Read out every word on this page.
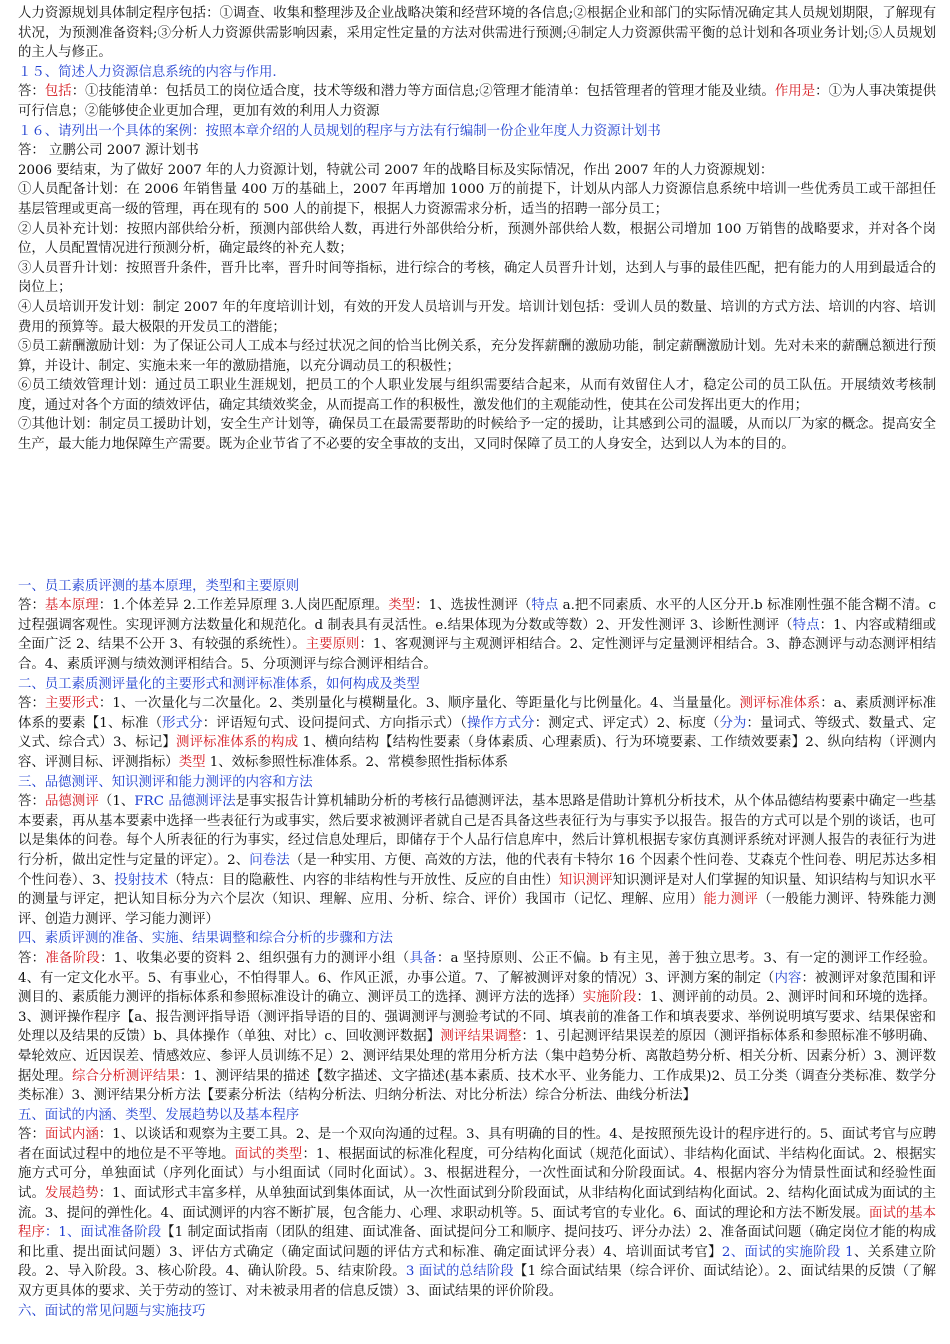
人力资源规划具体制定程序包括：①调查、收集和整理涉及企业战略决策和经营环境的各信息;②根据企业和部门的实际情况确定其人员规划期限，了解现有状况，为预测准备资料;③分析人力资源供需影响因素，采用定性定量的方法对供需进行预测;④制定人力资源供需平衡的总计划和各项业务计划;⑤人员规划的主人与修正。

１５、简述人力资源信息系统的内容与作用.

答：包括：①技能清单：包括员工的岗位适合度，技术等级和潜力等方面信息;②管理才能清单：包括管理者的管理才能及业绩。作用是：①为人事决策提供可行信息；②能够使企业更加合理，更加有效的利用人力资源

１６、请列出一个具体的案例：按照本章介绍的人员规划的程序与方法有行编制一份企业年度人力资源计划书

答： 立鹏公司 2007 源计划书

2006 要结束，为了做好 2007 年的人力资源计划，特就公司 2007 年的战略目标及实际情况，作出 2007 年的人力资源规划：

①人员配备计划：在 2006 年销售量 400 万的基础上，2007 年再增加 1000 万的前提下，计划从内部人力资源信息系统中培训一些优秀员工或干部担任基层管理或更高一级的管理，再在现有的 500 人的前提下，根据人力资源需求分析，适当的招聘一部分员工；

②人员补充计划：按照内部供给分析，预测内部供给人数，再进行外部供给分析，预测外部供给人数，根据公司增加 100 万销售的战略要求，并对各个岗位，人员配置情况进行预测分析，确定最终的补充人数；

③人员晋升计划：按照晋升条件，晋升比率，晋升时间等指标，进行综合的考核，确定人员晋升计划，达到人与事的最佳匹配，把有能力的人用到最适合的岗位上；

④人员培训开发计划：制定 2007 年的年度培训计划，有效的开发人员培训与开发。培训计划包括：受训人员的数量、培训的方式方法、培训的内容、培训费用的预算等。最大极限的开发员工的潜能；

⑤员工薪酬激励计划：为了保证公司人工成本与经过状况之间的恰当比例关系，充分发挥薪酬的激励功能，制定薪酬激励计划。先对未来的薪酬总额进行预算，并设计、制定、实施未来一年的激励措施，以充分调动员工的积极性；

⑥员工绩效管理计划：通过员工职业生涯规划，把员工的个人职业发展与组织需要结合起来，从而有效留住人才，稳定公司的员工队伍。开展绩效考核制度，通过对各个方面的绩效评估，确定其绩效奖金，从而提高工作的积极性，激发他们的主观能动性，使其在公司发挥出更大的作用；

⑦其他计划：制定员工援助计划，安全生产计划等，确保员工在最需要帮助的时候给予一定的援助，让其感到公司的温暖，从而以厂为家的概念。提高安全生产，最大能力地保障生产需要。既为企业节省了不必要的安全事故的支出，又同时保障了员工的人身安全，达到以人为本的目的。

一、员工素质评测的基本原理，类型和主要原则

答：基本原理：1.个体差异 2.工作差异原理 3.人岗匹配原理。类型：1、选拔性测评（特点 a.把不同素质、水平的人区分开.b 标准刚性强不能含糊不清。c 过程强调客观性。实现评测方法数量化和规范化。d 制表具有灵活性。e.结果体现为分数或等数）2、开发性测评 3、诊断性测评（特点：1、内容或精细或全面广泛 2、结果不公开 3、有较强的系统性）。主要原则：1、客观测评与主观测评相结合。2、定性测评与定量测评相结合。3、静态测评与动态测评相结合。4、素质评测与绩效测评相结合。5、分项测评与综合测评相结合。

二、员工素质测评量化的主要形式和测评标准体系，如何构成及类型

答：主要形式：1、一次量化与二次量化。2、类别量化与模糊量化。3、顺序量化、等距量化与比例量化。4、当量量化。测评标准体系：a、素质测评标准体系的要素【1、标准（形式分：评语短句式、设问提问式、方向指示式）（操作方式分：测定式、评定式）2、标度（分为：量词式、等级式、数量式、定义式、综合式）3、标记】测评标准体系的构成 1、横向结构【结构性要素（身体素质、心理素质)、行为环境要素、工作绩效要素】2、纵向结构（评测内容、评测目标、评测指标）类型 1、效标参照性标准体系。2、常模参照性指标体系

三、品德测评、知识测评和能力测评的内容和方法

答：品德测评（1、FRC 品德测评法是事实报告计算机辅助分析的考核行品德测评法，基本思路是借助计算机分析技术，从个体品德结构要素中确定一些基本要素，再从基本要素中选择一些表征行为或事实，然后要求被测评者就自己是否具备这些表征行为与事实予以报告。报告的方式可以是个别的谈话，也可以是集体的问卷。每个人所表征的行为事实，经过信息处理后，即储存于个人品行信息库中，然后计算机根据专家仿真测评系统对评测人报告的表征行为进行分析，做出定性与定量的评定）。2、问卷法（是一种实用、方便、高效的方法，他的代表有卡特尔 16 个因素个性问卷、艾森克个性问卷、明尼苏达多相个性问卷）、3、投射技术（特点：目的隐蔽性、内容的非结构性与开放性、反应的自由性）知识测评知识测评是对人们掌握的知识量、知识结构与知识水平的测量与评定，把认知目标分为六个层次（知识、理解、应用、分析、综合、评价）我国市（记忆、理解、应用）能力测评（一般能力测评、特殊能力测评、创造力测评、学习能力测评）

四、素质评测的准备、实施、结果调整和综合分析的步骤和方法

答：准备阶段：1、收集必要的资料 2、组织强有力的测评小组（具备：a 坚持原则、公正不偏。b 有主见，善于独立思考。3、有一定的测评工作经验。4、有一定文化水平。5、有事业心，不怕得罪人。6、作风正派，办事公道。7、了解被测评对象的情况）3、评测方案的制定（内容：被测评对象范围和评测目的、素质能力测评的指标体系和参照标准设计的确立、测评员工的选择、测评方法的选择）实施阶段：1、测评前的动员。2、测评时间和环境的选择。3、测评操作程序【a、报告测评指导语（测评指导语的目的、强调测评与测验考试的不同、填表前的准备工作和填表要求、举例说明填写要求、结果保密和处理以及结果的反馈）b、具体操作（单独、对比）c、回收测评数据】测评结果调整：1、引起测评结果误差的原因（测评指标体系和参照标准不够明确、晕轮效应、近因误差、情感效应、参评人员训练不足）2、测评结果处理的常用分析方法（集中趋势分析、离散趋势分析、相关分析、因素分析）3、测评数据处理。综合分析测评结果：1、测评结果的描述【数字描述、文字描述(基本素质、技术水平、业务能力、工作成果)2、员工分类（调查分类标准、数学分类标准）3、测评结果分析方法【要素分析法（结构分析法、归纳分析法、对比分析法）综合分析法、曲线分析法】

五、面试的内涵、类型、发展趋势以及基本程序

答：面试内涵：1、以谈话和观察为主要工具。2、是一个双向沟通的过程。3、具有明确的目的性。4、是按照预先设计的程序进行的。5、面试考官与应聘者在面试过程中的地位是不平等地。面试的类型：1、根据面试的标准化程度，可分结构化面试（规范化面试）、非结构化面试、半结构化面试。2、根据实施方式可分，单独面试（序列化面试）与小组面试（同时化面试）。3、根据进程分，一次性面试和分阶段面试。4、根据内容分为情景性面试和经验性面试。发展趋势：1、面试形式丰富多样，从单独面试到集体面试，从一次性面试到分阶段面试，从非结构化面试到结构化面试。2、结构化面试成为面试的主流。3、提问的弹性化。4、面试测评的内容不断扩展，包含能力、心理、求职动机等。5、面试考官的专业化。6、面试的理论和方法不断发展。面试的基本程序：1、面试准备阶段【1 制定面试指南（团队的组建、面试准备、面试提问分工和顺序、提问技巧、评分办法）2、准备面试问题（确定岗位才能的构成和比重、提出面试问题）3、评估方式确定（确定面试问题的评估方式和标准、确定面试评分表）4、培训面试考官】2、面试的实施阶段 1、关系建立阶段。2、导入阶段。3、核心阶段。4、确认阶段。5、结束阶段。3 面试的总结阶段【1 综合面试结果（综合评价、面试结论）。2、面试结果的反馈（了解双方更具体的要求、关于劳动的签订、对未被录用者的信息反馈）3、面试结果的评价阶段。

六、面试的常见问题与实施技巧
